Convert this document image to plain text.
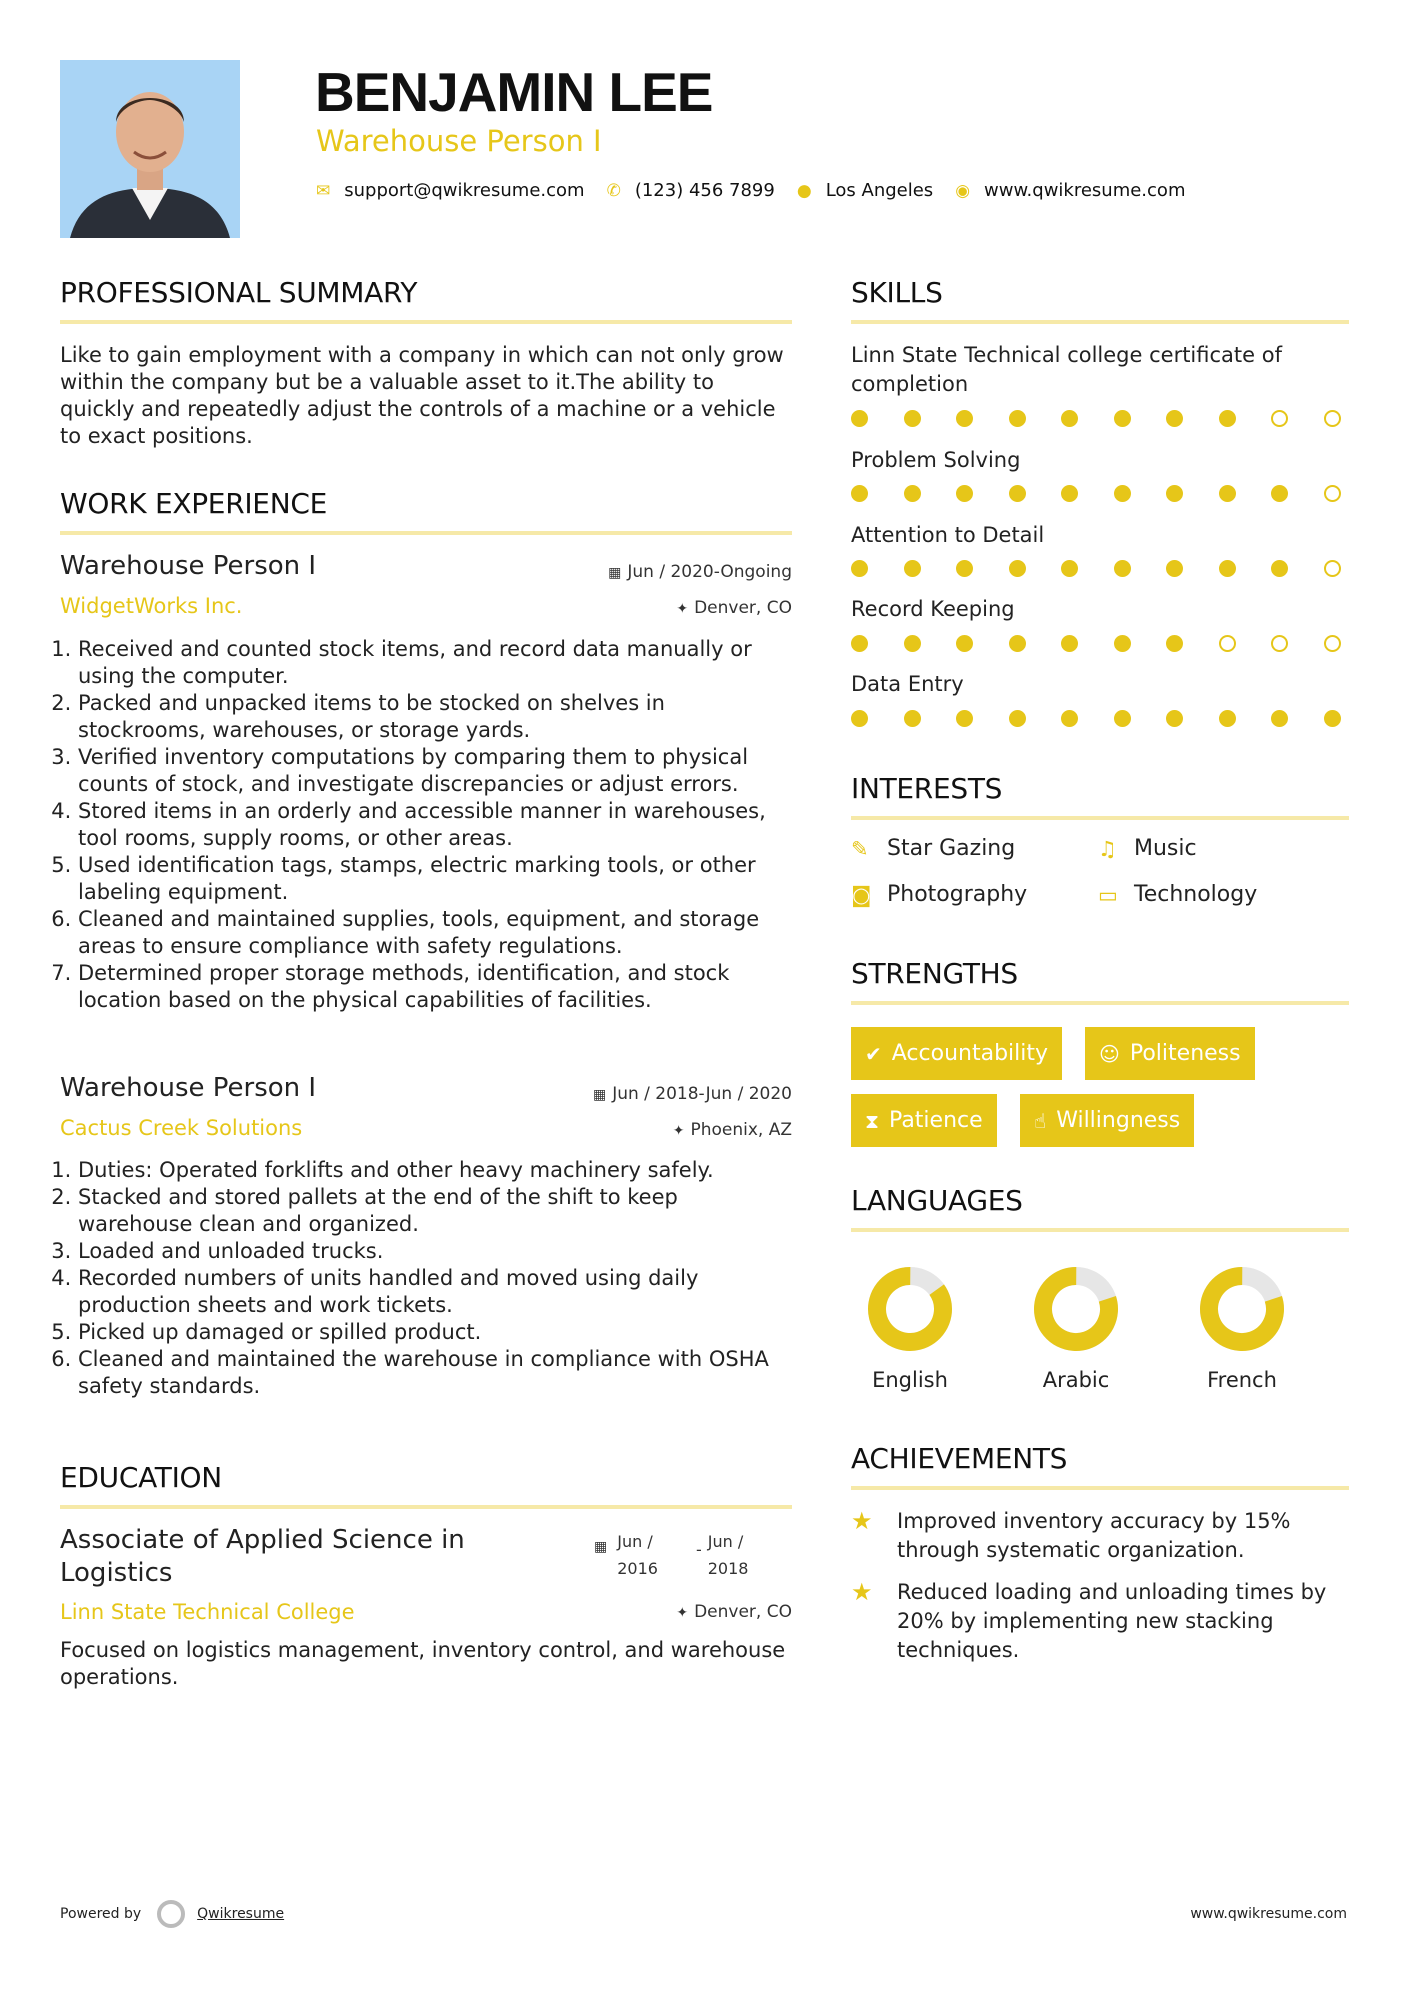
BENJAMIN LEE
Warehouse Person I
✉ support@qwikresume.com ✆ (123) 456 7899 ● Los Angeles ◉ www.qwikresume.com
PROFESSIONAL SUMMARY
Like to gain employment with a company in which can not only grow within the company but be a valuable asset to it.The ability to quickly and repeatedly adjust the controls of a machine or a vehicle to exact positions.
WORK EXPERIENCE
Warehouse Person I
WidgetWorks Inc.
▦ Jun / 2020-Ongoing
✦ Denver, CO
1. Received and counted stock items, and record data manually or using the computer.
2. Packed and unpacked items to be stocked on shelves in stockrooms, warehouses, or storage yards.
3. Verified inventory computations by comparing them to physical counts of stock, and investigate discrepancies or adjust errors.
4. Stored items in an orderly and accessible manner in warehouses, tool rooms, supply rooms, or other areas.
5. Used identification tags, stamps, electric marking tools, or other labeling equipment.
6. Cleaned and maintained supplies, tools, equipment, and storage areas to ensure compliance with safety regulations.
7. Determined proper storage methods, identification, and stock location based on the physical capabilities of facilities.
Warehouse Person I
Cactus Creek Solutions
▦ Jun / 2018-Jun / 2020
✦ Phoenix, AZ
1. Duties: Operated forklifts and other heavy machinery safely.
2. Stacked and stored pallets at the end of the shift to keep warehouse clean and organized.
3. Loaded and unloaded trucks.
4. Recorded numbers of units handled and moved using daily production sheets and work tickets.
5. Picked up damaged or spilled product.
6. Cleaned and maintained the warehouse in compliance with OSHA safety standards.
EDUCATION
Associate of Applied Science in Logistics
▦ Jun /
2016
- Jun /
2018
Linn State Technical College	✦ Denver, CO
Focused on logistics management, inventory control, and warehouse operations.
SKILLS
Linn State Technical college certificate of completion
Problem Solving
Attention to Detail
Record Keeping
Data Entry
INTERESTS
✎ Star Gazing	♫ Music
◙ Photography	▭ Technology
STRENGTHS
✔ Accountability	☺ Politeness
⧗ Patience	☝ Willingness
LANGUAGES
English	Arabic	French
ACHIEVEMENTS
★	Improved inventory accuracy by 15% through systematic organization.
★	Reduced loading and unloading times by 20% by implementing new stacking techniques.
Powered by	Qwikresume	www.qwikresume.com
